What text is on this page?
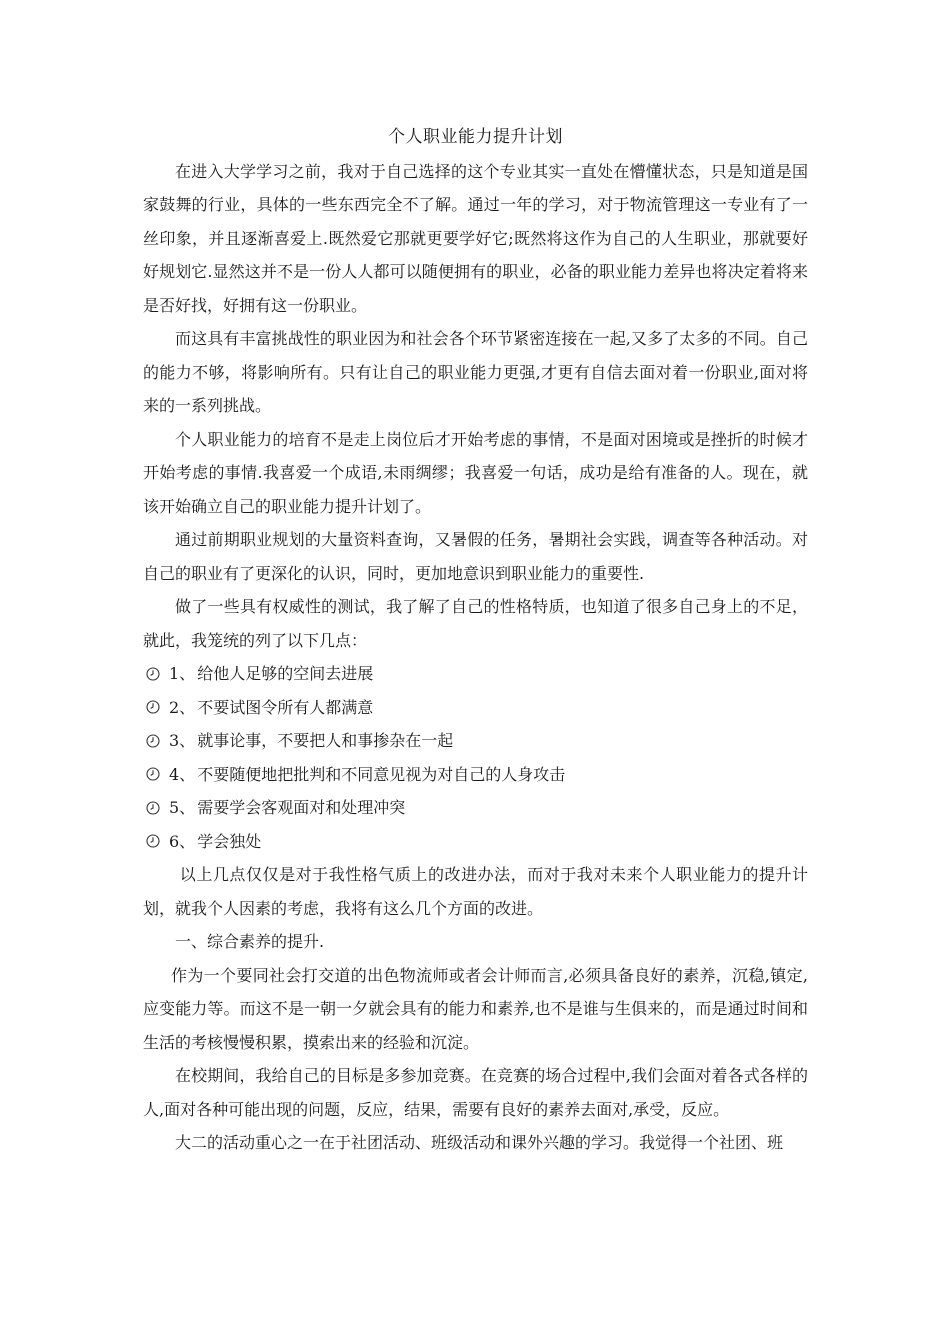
个人职业能力提升计划

在进入大学学习之前，我对于自己选择的这个专业其实一直处在懵懂状态，只是知道是国家鼓舞的行业，具体的一些东西完全不了解。通过一年的学习，对于物流管理这一专业有了一丝印象，并且逐渐喜爱上.既然爱它那就更要学好它;既然将这作为自己的人生职业，那就要好好规划它.显然这并不是一份人人都可以随便拥有的职业，必备的职业能力差异也将决定着将来是否好找，好拥有这一份职业。

而这具有丰富挑战性的职业因为和社会各个环节紧密连接在一起,又多了太多的不同。自己的能力不够，将影响所有。只有让自己的职业能力更强,才更有自信去面对着一份职业,面对将来的一系列挑战。

个人职业能力的培育不是走上岗位后才开始考虑的事情，不是面对困境或是挫折的时候才开始考虑的事情.我喜爱一个成语,未雨绸缪；我喜爱一句话，成功是给有准备的人。现在，就该开始确立自己的职业能力提升计划了。

通过前期职业规划的大量资料查询，又暑假的任务，暑期社会实践，调查等各种活动。对自己的职业有了更深化的认识，同时，更加地意识到职业能力的重要性.

做了一些具有权威性的测试，我了解了自己的性格特质，也知道了很多自己身上的不足，就此，我笼统的列了以下几点：

1、 给他人足够的空间去进展
2、 不要试图令所有人都满意
3、 就事论事，不要把人和事掺杂在一起
4、 不要随便地把批判和不同意见视为对自己的人身攻击
5、 需要学会客观面对和处理冲突
6、 学会独处

以上几点仅仅是对于我性格气质上的改进办法，而对于我对未来个人职业能力的提升计划，就我个人因素的考虑，我将有这么几个方面的改进。

一、综合素养的提升.

作为一个要同社会打交道的出色物流师或者会计师而言,必须具备良好的素养，沉稳,镇定,应变能力等。而这不是一朝一夕就会具有的能力和素养,也不是谁与生俱来的，而是通过时间和生活的考核慢慢积累，摸索出来的经验和沉淀。

在校期间，我给自己的目标是多参加竞赛。在竞赛的场合过程中,我们会面对着各式各样的人,面对各种可能出现的问题，反应，结果，需要有良好的素养去面对,承受，反应。

大二的活动重心之一在于社团活动、班级活动和课外兴趣的学习。我觉得一个社团、班
